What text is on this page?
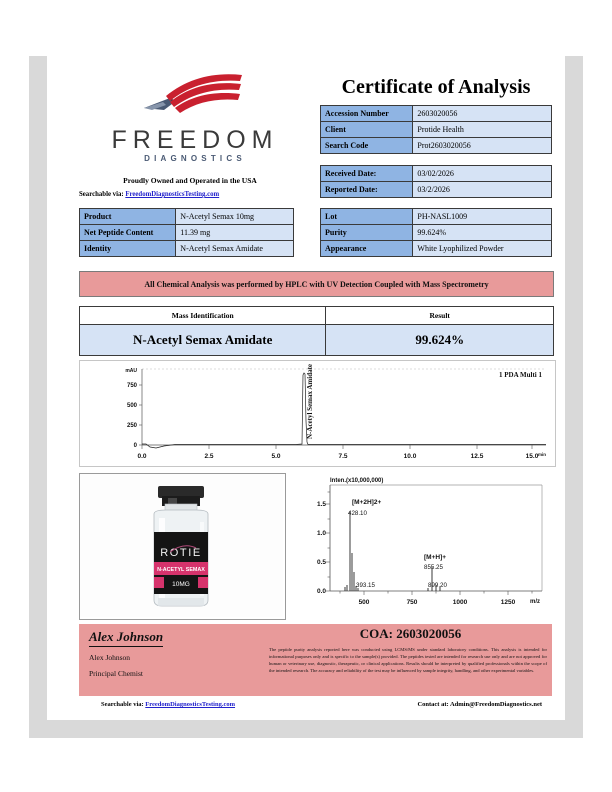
FREEDOM
DIAGNOSTICS
Proudly Owned and Operated in the USA
Searchable via: FreedomDiagnosticsTesting.com
Certificate of Analysis
Accession Number	2603020056
Client	Protide Health
Search Code	Prot2603020056
Received Date:	03/02/2026
Reported Date:	03/2/2026
Product	N-Acetyl Semax 10mg
Net Peptide Content	11.39 mg
Identity	N-Acetyl Semax Amidate
Lot	PH-NASL1009
Purity	99.624%
Appearance	White Lyophilized Powder
All Chemical Analysis was performed by HPLC with UV Detection Coupled with Mass Spectrometry
Mass Identification	Result
N-Acetyl Semax Amidate	99.624%
0
250
500
750
mAU
0.0	2.5	5.0	7.5	10.0	12.5	15.0 min
N-Acetyl Semax Amidate	1 PDA Multi 1
ROTIE
N-ACETYL SEMAX
10MG
Inten.(x10,000,000)
0.0
0.5
1.0
1.5
500	750	1000	1250 m/z
[M+2H]2+
428.10
393.15
[M+H]+
855.25
899.20
Alex Johnson
Alex Johnson
Principal Chemist
COA: 2603020056
The peptide purity analysis reported here was conducted using LCMS/MS under standard laboratory conditions. This analysis is intended for informational purposes only and is specific to the sample(s) provided. The peptides tested are intended for research use only and are not approved for human or veterinary use, diagnostic, therapeutic, or clinical applications. Results should be interpreted by qualified professionals within the scope of the intended research. The accuracy and reliability of the test may be influenced by sample integrity, handling, and other experimental variables.
Searchable via: FreedomDiagnosticsTesting.com	Contact at: Admin@FreedomDiagnostics.net
